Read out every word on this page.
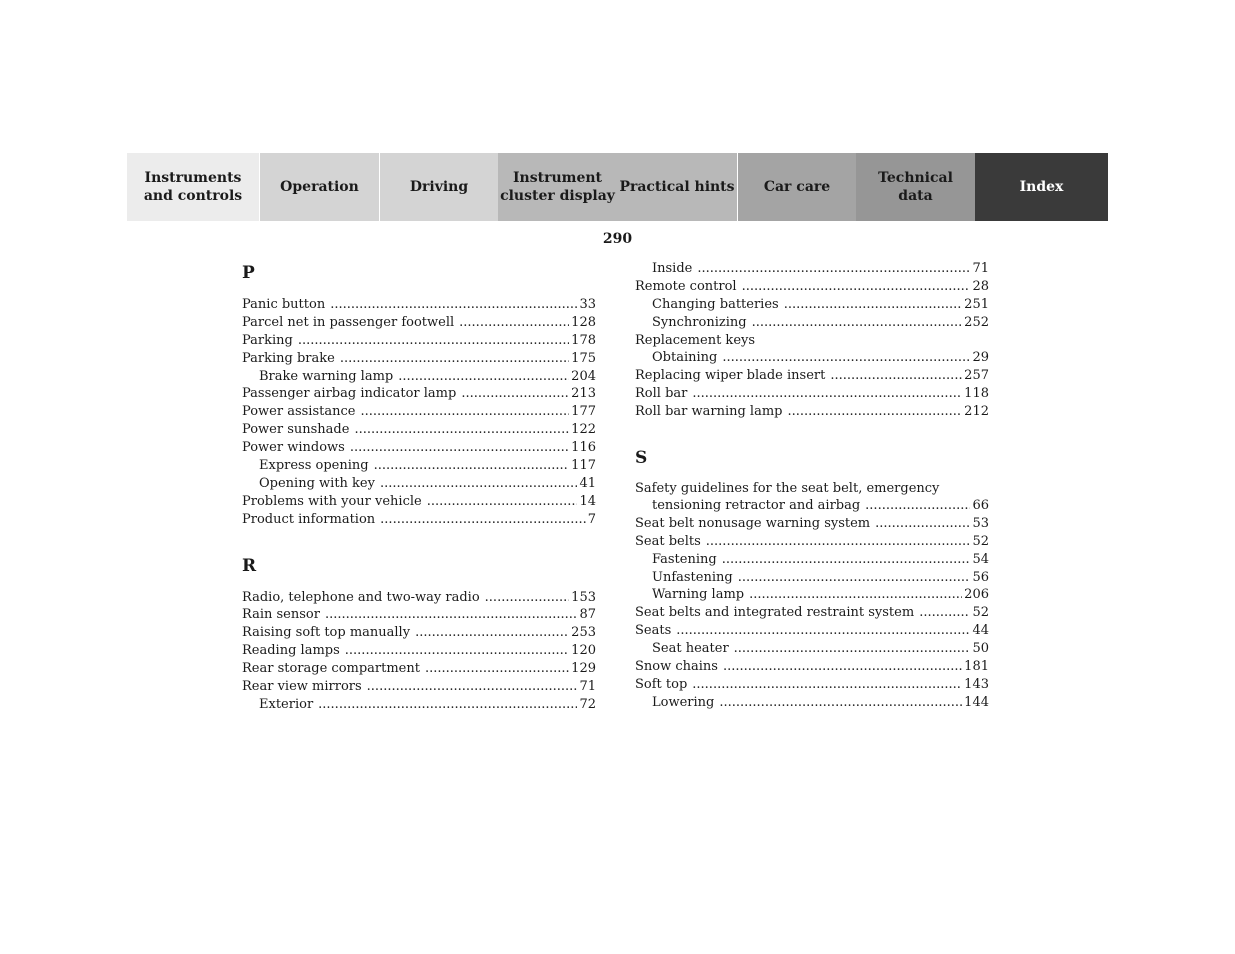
Instruments
and controls
Operation	Driving
Instrument
cluster display
Practical hints Car care
Technical
data
Index
290
P
Panic button .....	33
Parcel net in passenger footwell .....	128
Parking .....	178
Parking brake .....	175
Brake warning lamp .....	204
Passenger airbag indicator lamp .....	213
Power assistance .....	177
Power sunshade .....	122
Power windows .....	116
Express opening .....	117
Opening with key .....	41
Problems with your vehicle .....	14
Product information .....	7
R
Radio, telephone and two-way radio .....	153
Rain sensor .....	87
Raising soft top manually .....	253
Reading lamps .....	120
Rear storage compartment .....	129
Rear view mirrors .....	71
Exterior .....	72
Inside .....	71
Remote control .....	28
Changing batteries .....	251
Synchronizing .....	252
Replacement keys
Obtaining .....	29
Replacing wiper blade insert .....	257
Roll bar .....	118
Roll bar warning lamp .....	212
S
Safety guidelines for the seat belt, emergency
tensioning retractor and airbag .....	66
Seat belt nonusage warning system .....	53
Seat belts .....	52
Fastening .....	54
Unfastening .....	56
Warning lamp .....	206
Seat belts and integrated restraint system .....	52
Seats .....	44
Seat heater .....	50
Snow chains .....	181
Soft top .....	143
Lowering .....	144
